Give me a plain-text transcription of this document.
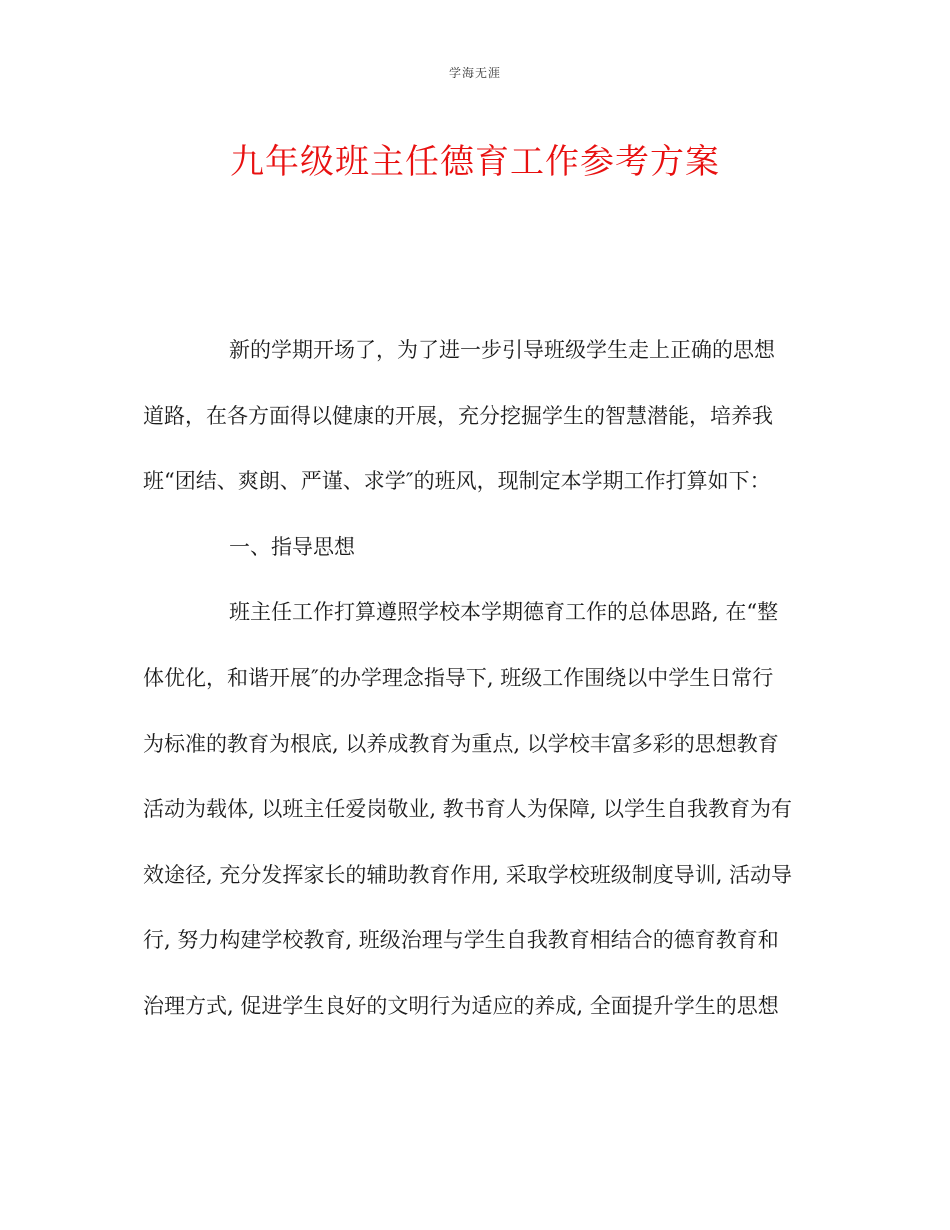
学海无涯
九年级班主任德育工作参考方案
新的学期开场了，为了进一步引导班级学生走上正确的思想
道路，在各方面得以健康的开展，充分挖掘学生的智慧潜能，培养我
班“团结、爽朗、严谨、求学″的班风，现制定本学期工作打算如下：
一、指导思想
班主任工作打算遵照学校本学期德育工作的总体思路, 在“整
体优化，和谐开展″的办学理念指导下, 班级工作围绕以中学生日常行
为标准的教育为根底, 以养成教育为重点, 以学校丰富多彩的思想教育
活动为载体, 以班主任爱岗敬业, 教书育人为保障, 以学生自我教育为有
效途径, 充分发挥家长的辅助教育作用, 采取学校班级制度导训, 活动导
行, 努力构建学校教育, 班级治理与学生自我教育相结合的德育教育和
治理方式, 促进学生良好的文明行为适应的养成, 全面提升学生的思想
